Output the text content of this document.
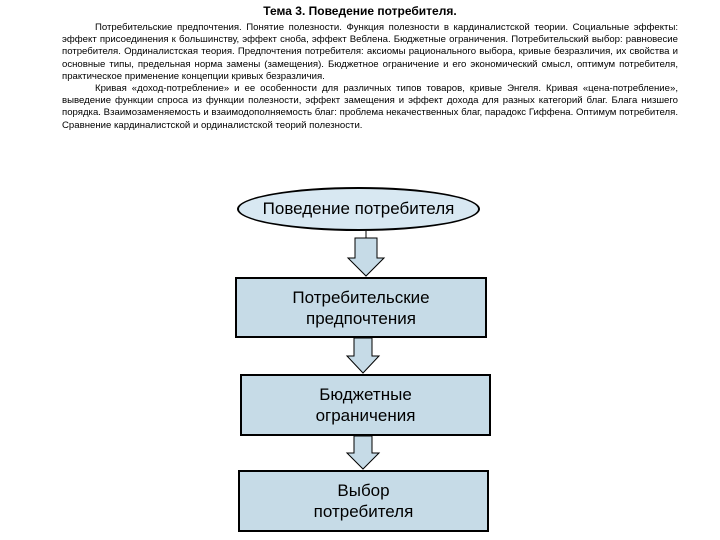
Тема 3. Поведение потребителя.

Потребительские предпочтения. Понятие полезности. Функция полезности в кардиналистской теории. Социальные эффекты: эффект присоединения к большинству, эффект сноба, эффект Веблена. Бюджетные ограничения. Потребительский выбор: равновесие потребителя. Ординалистская теория. Предпочтения потребителя: аксиомы рационального выбора, кривые безразличия, их свойства и основные типы, предельная норма замены (замещения). Бюджетное ограничение и его экономический смысл, оптимум потребителя, практическое применение концепции кривых безразличия.

Кривая «доход-потребление» и ее особенности для различных типов товаров, кривые Энгеля. Кривая «цена-потребление», выведение функции спроса из функции полезности, эффект замещения и эффект дохода для разных категорий благ. Блага низшего порядка. Взаимозаменяемость и взаимодополняемость благ: проблема некачественных благ, парадокс Гиффена. Оптимум потребителя. Сравнение кардиналистской и ординалистской теорий полезности.

Поведение потребителя
Потребительские
предпочтения
Бюджетные
ограничения
Выбор
потребителя
